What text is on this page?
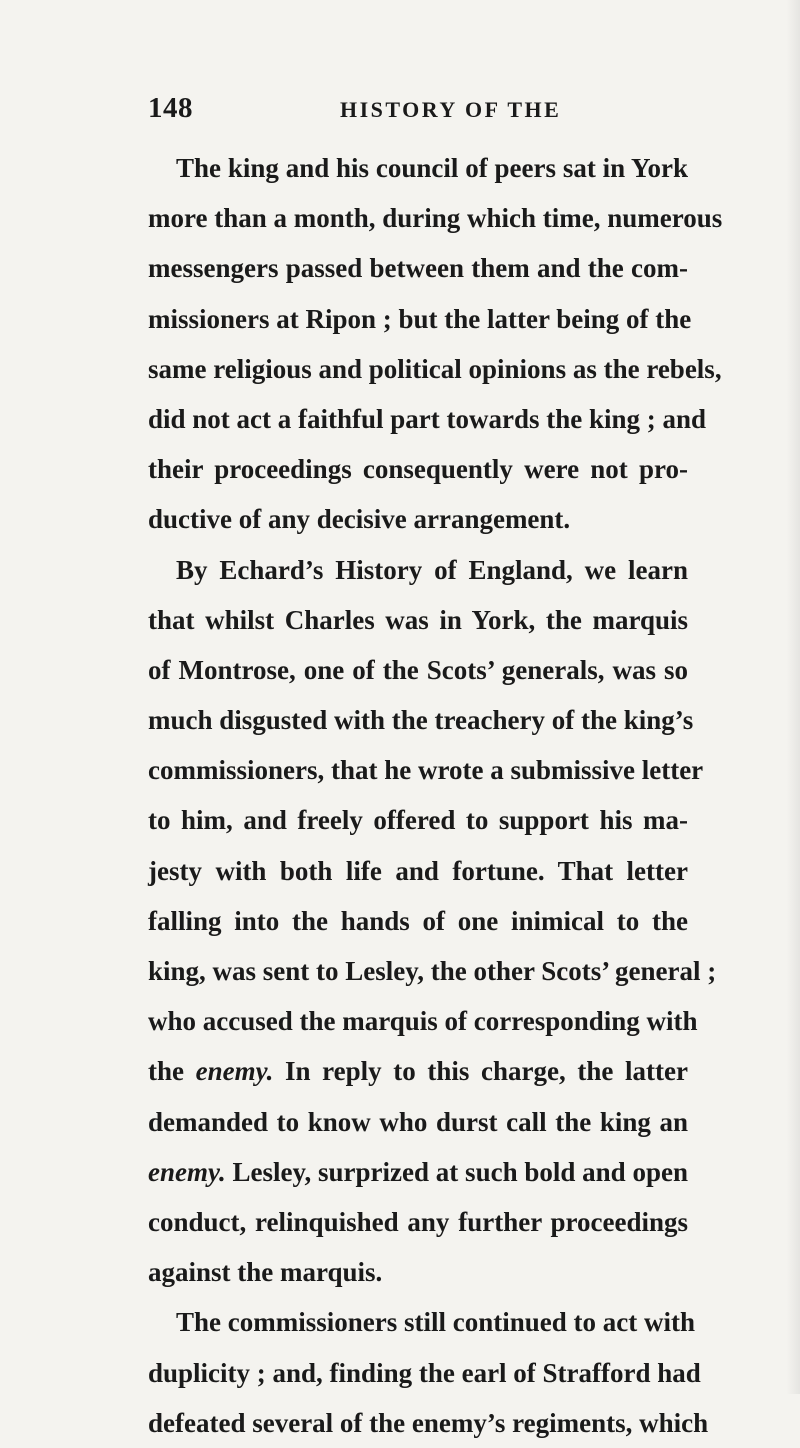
148	HISTORY OF THE
The king and his council of peers sat in York
more than a month, during which time, numerous
messengers passed between them and the com-
missioners at Ripon ; but the latter being of the
same religious and political opinions as the rebels,
did not act a faithful part towards the king ; and
their proceedings consequently were not pro-
ductive of any decisive arrangement.
By Echard’s History of England, we learn
that whilst Charles was in York, the marquis
of Montrose, one of the Scots’ generals, was so
much disgusted with the treachery of the king’s
commissioners, that he wrote a submissive letter
to him, and freely offered to support his ma-
jesty with both life and fortune. That letter
falling into the hands of one inimical to the
king, was sent to Lesley, the other Scots’ general ;
who accused the marquis of corresponding with
the enemy. In reply to this charge, the latter
demanded to know who durst call the king an
enemy. Lesley, surprized at such bold and open
conduct, relinquished any further proceedings
against the marquis.
The commissioners still continued to act with
duplicity ; and, finding the earl of Strafford had
defeated several of the enemy’s regiments, which
